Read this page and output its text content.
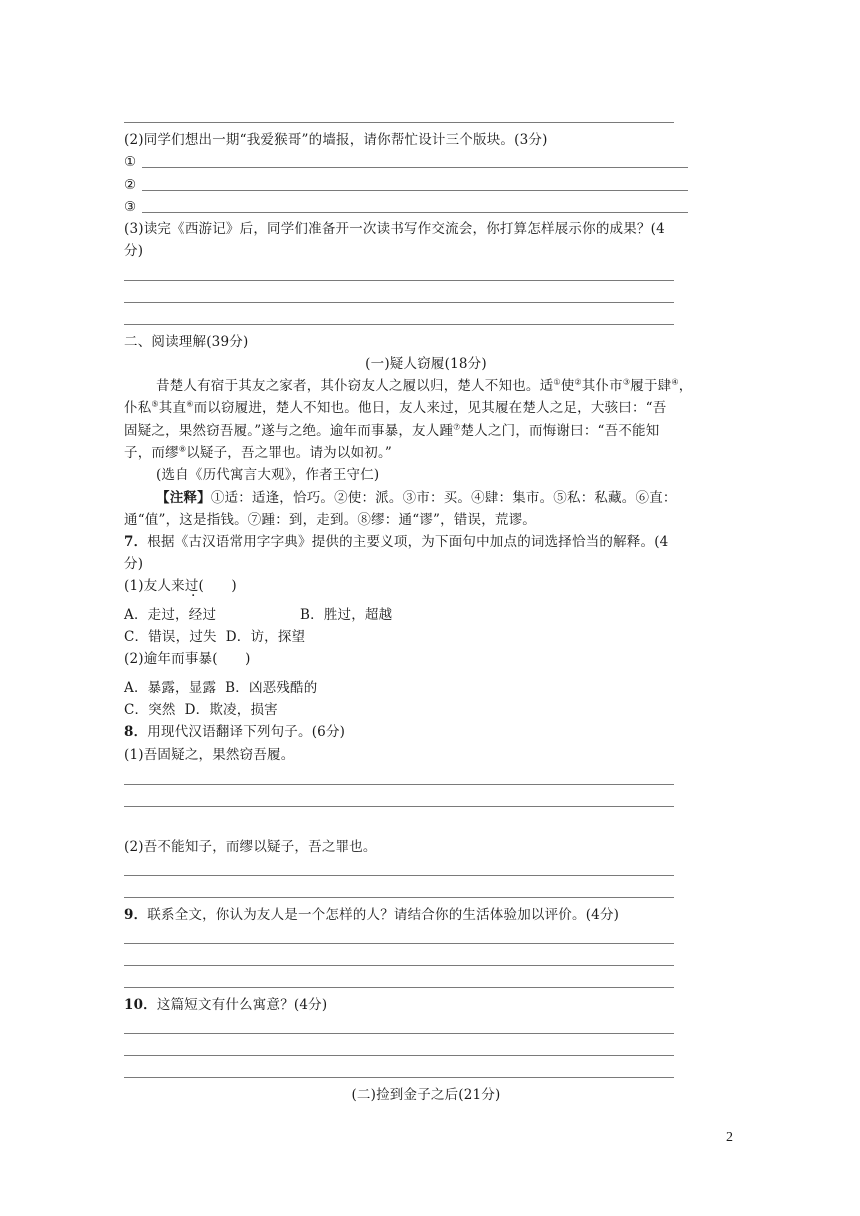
(2)同学们想出一期“我爱猴哥”的墙报，请你帮忙设计三个版块。(3分)
①
②
③
(3)读完《西游记》后，同学们准备开一次读书写作交流会，你打算怎样展示你的成果？(4
分)
二、阅读理解(39分)
(一)疑人窃履(18分)
昔楚人有宿于其友之家者，其仆窃友人之履以归，楚人不知也。适①使②其仆市③履于肆④，
仆私⑤其直⑥而以窃履进，楚人不知也。他日，友人来过，见其履在楚人之足，大骇曰：“吾
固疑之，果然窃吾履。”遂与之绝。逾年而事暴，友人踵⑦楚人之门，而悔谢曰：“吾不能知
子，而缪⑧以疑子，吾之罪也。请为以如初。”
(选自《历代寓言大观》，作者王守仁)
【注释】①适：适逢，恰巧。②使：派。③市：买。④肆：集市。⑤私：私藏。⑥直：
通“值”，这是指钱。⑦踵：到，走到。⑧缪：通“谬”，错误，荒谬。
7．根据《古汉语常用字字典》提供的主要义项，为下面句中加点的词选择恰当的解释。(4
分)
(1)友人来过(　　)
A．走过，经过	B．胜过，超越
C．错误，过失 D．访，探望
(2)逾年而事暴(　　)
A．暴露，显露 B．凶恶残酷的
C．突然 D．欺凌，损害
8．用现代汉语翻译下列句子。(6分)
(1)吾固疑之，果然窃吾履。
(2)吾不能知子，而缪以疑子，吾之罪也。
9．联系全文，你认为友人是一个怎样的人？请结合你的生活体验加以评价。(4分)
10．这篇短文有什么寓意？(4分)
(二)捡到金子之后(21分)
2
